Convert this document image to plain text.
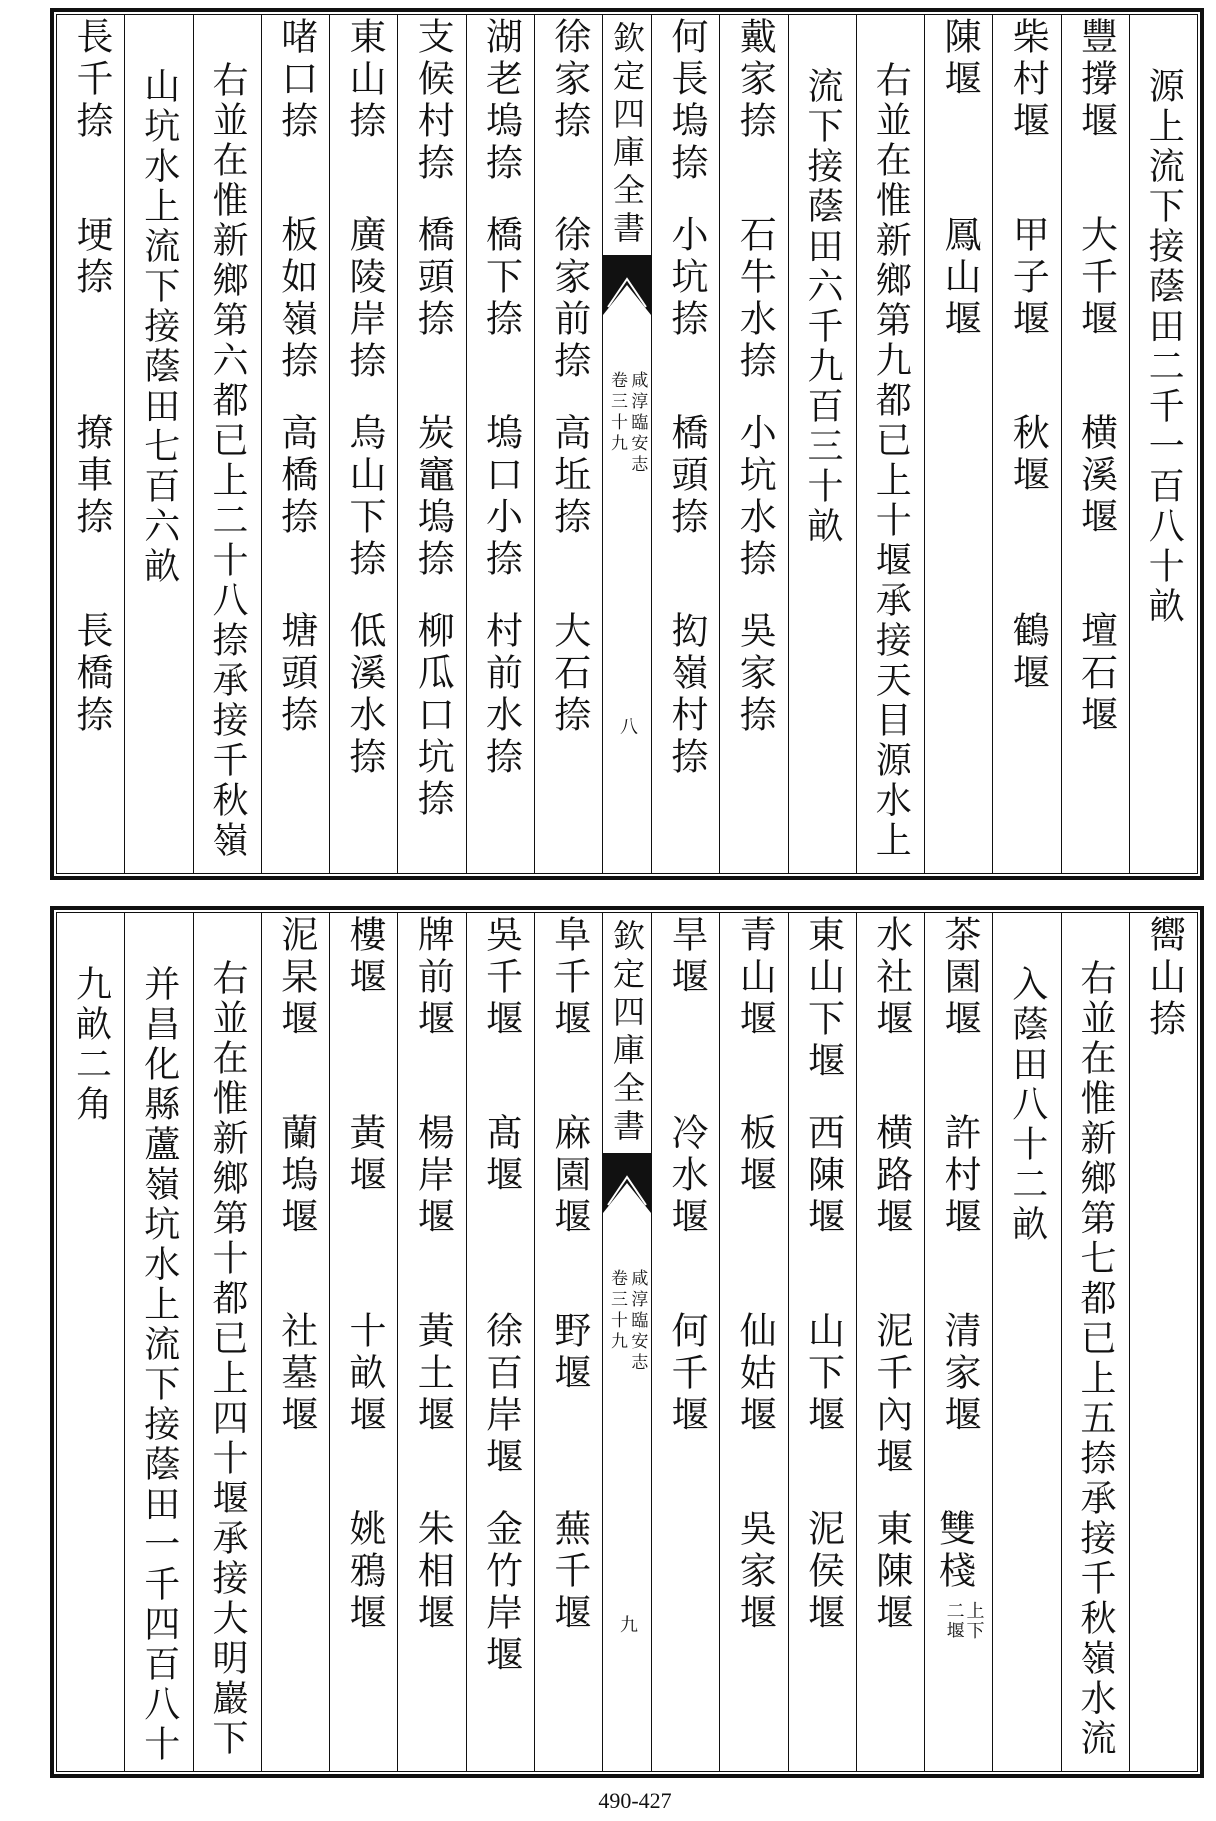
源上流下接蔭田二千一百八十畝
豐撐堰
大千堰
横溪堰
壇石堰
柴村堰
甲子堰
秋堰
鶴堰
陳堰
鳳山堰
右並在惟新鄉第九都已上十堰承接天目源水上
流下接蔭田六千九百三十畝
戴家捺
石牛水捺
小坑水捺
吳家捺
何長塢捺
小坑捺
橋頭捺
抝嶺村捺
欽定四庫全書
咸淳臨安志
卷三十九
八
徐家捺
徐家前捺
高坵捺
大石捺
湖老塢捺
橋下捺
塢口小捺
村前水捺
支候村捺
橋頭捺
炭竈塢捺
柳瓜口坑捺
東山捺
廣陵岸捺
烏山下捺
低溪水捺
啫口捺
板如嶺捺
高橋捺
塘頭捺
右並在惟新鄉第六都已上二十八捺承接千秋嶺
山坑水上流下接蔭田七百六畝
長千捺
埂捺
撩車捺
長橋捺
嚮山捺
右並在惟新鄉第七都已上五捺承接千秋嶺水流
入蔭田八十二畝
茶園堰
許村堰
清家堰
雙棧
上下
二堰
水社堰
横路堰
泥千內堰
東陳堰
東山下堰
西陳堰
山下堰
泥侯堰
青山堰
板堰
仙姑堰
吳家堰
旱堰
冷水堰
何千堰
欽定四庫全書
咸淳臨安志
卷三十九
九
阜千堰
麻園堰
野堰
蕪千堰
吳千堰
髙堰
徐百岸堰
金竹岸堰
牌前堰
楊岸堰
黃土堰
朱相堰
樓堰
黃堰
十畝堰
姚鴉堰
泥杲堰
蘭塢堰
社墓堰
右並在惟新鄉第十都已上四十堰承接大明巖下
并昌化縣蘆嶺坑水上流下接蔭田一千四百八十
九畝二角
490-427
